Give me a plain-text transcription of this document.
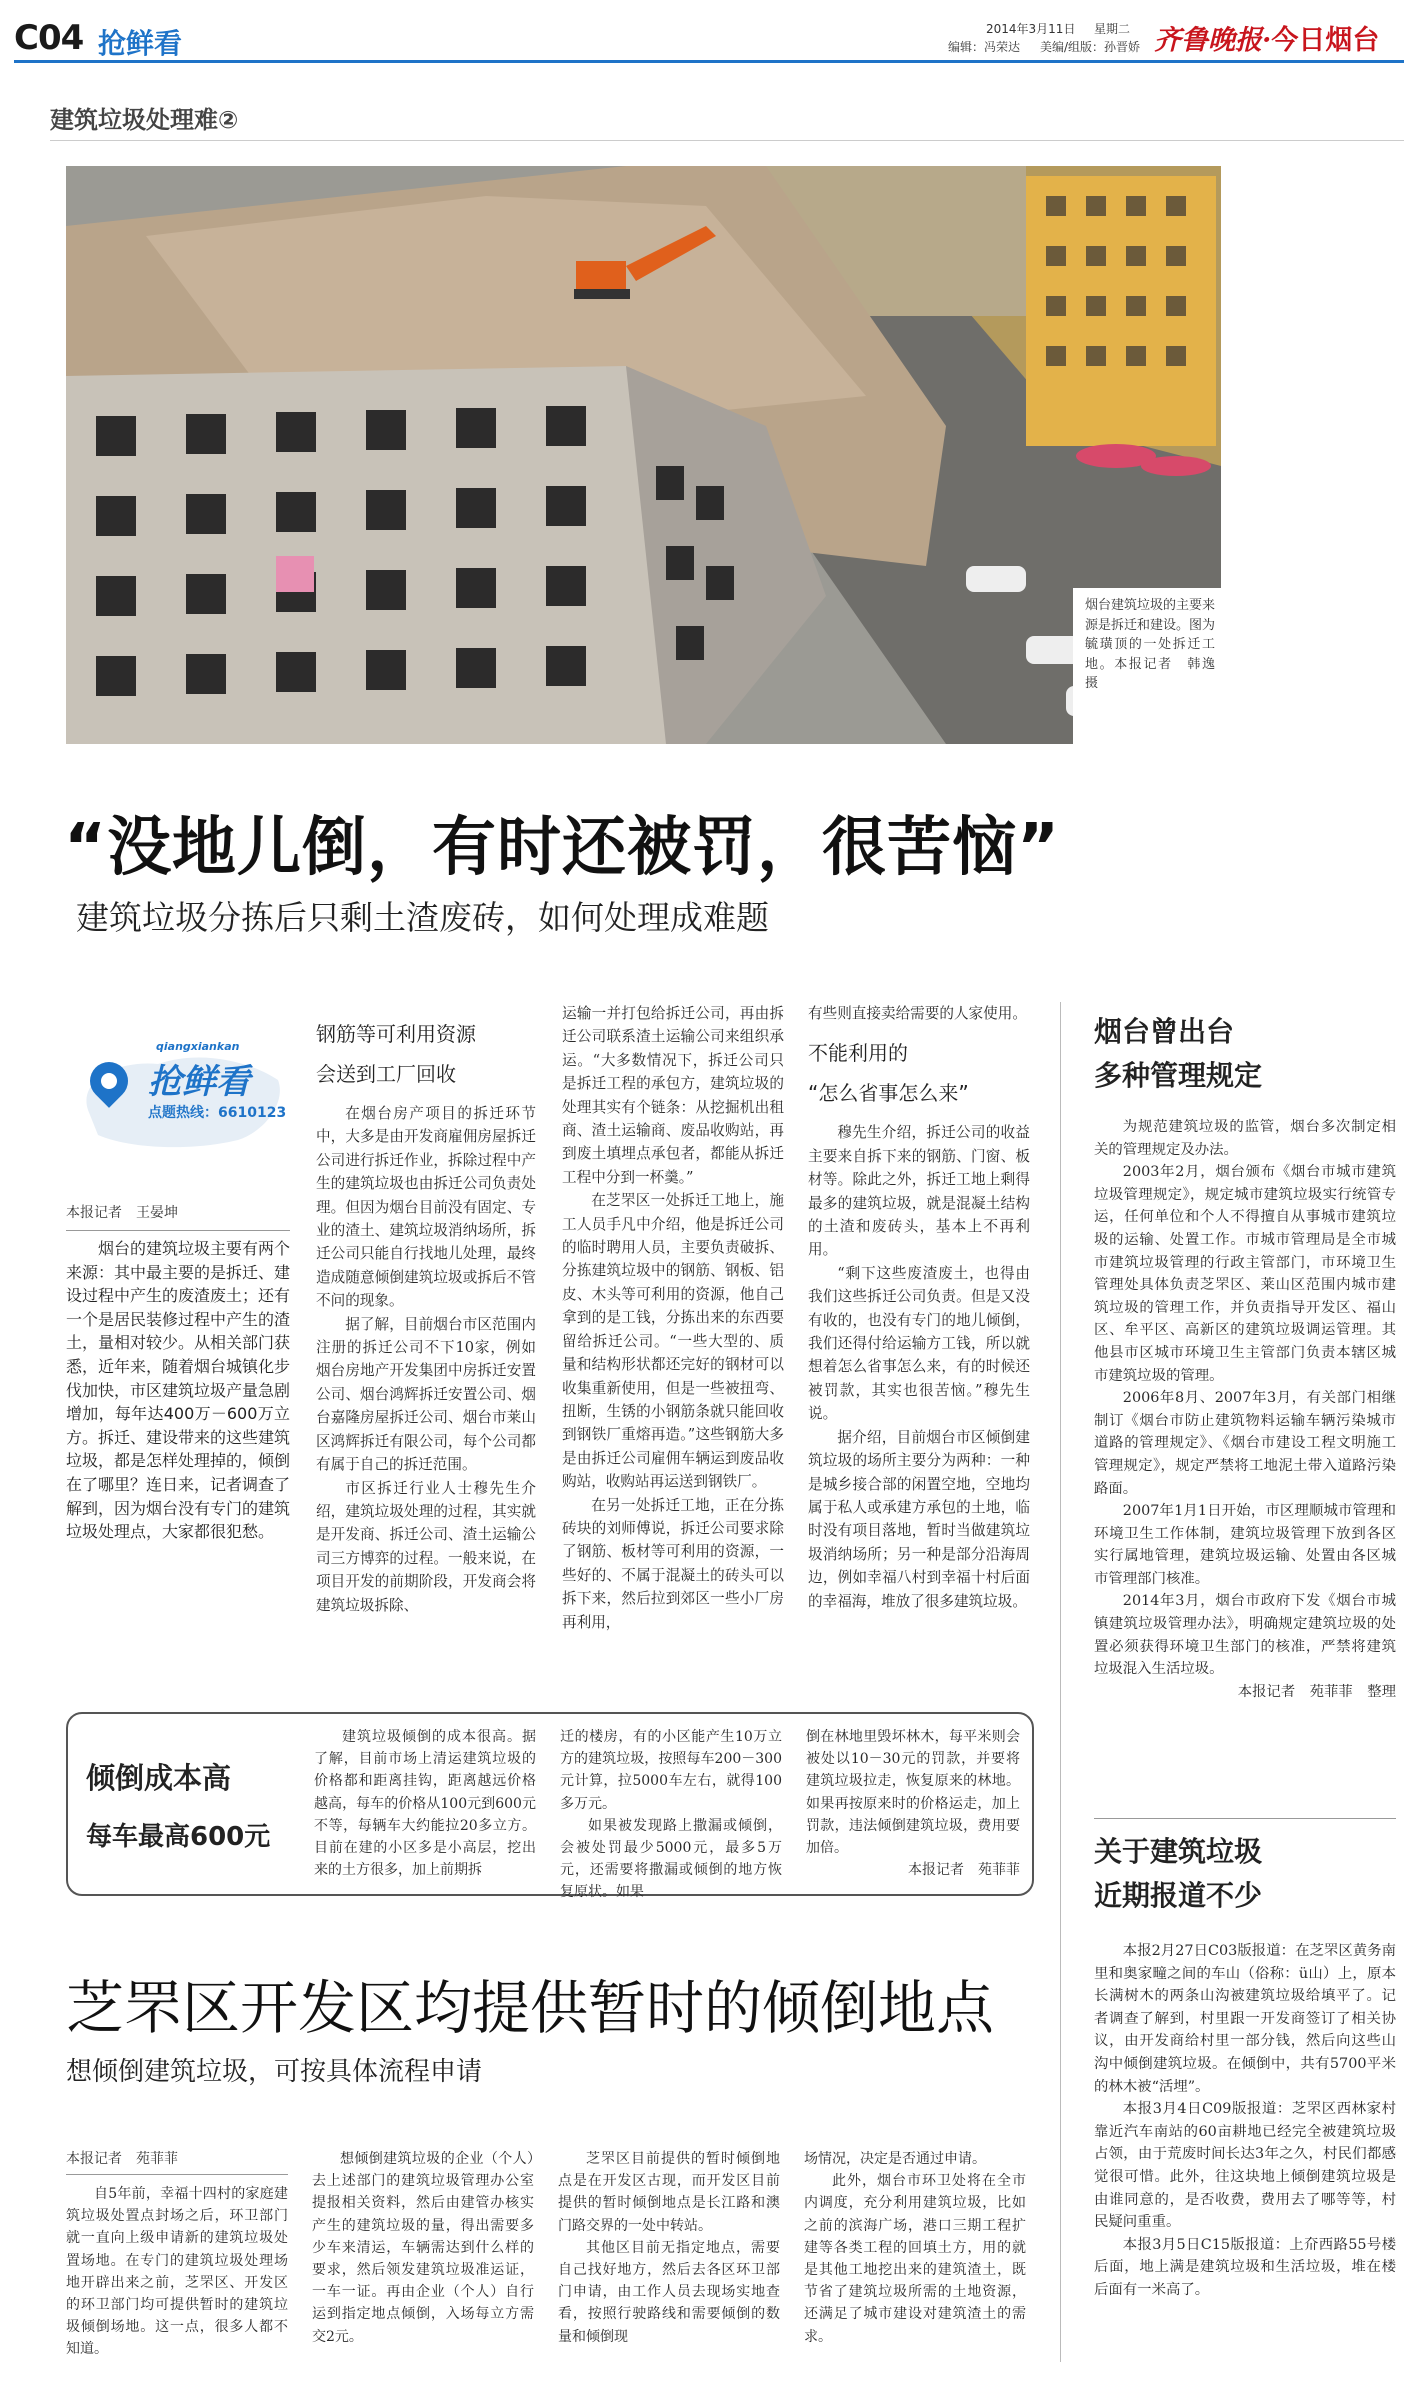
C04 抢鲜看	2014年3月11日 星期二
编辑：冯荣达 美编/组版：孙晋娇 齐鲁晚报·今日烟台
建筑垃圾处理难②
烟台建筑垃圾的主要来源是拆迁和建设。图为毓璜顶的一处拆迁工地。本报记者　韩逸　摄
“没地儿倒，有时还被罚，很苦恼”
建筑垃圾分拣后只剩土渣废砖，如何处理成难题
qiangxiankan
抢鲜看
点题热线：6610123

本报记者　王晏坤

烟台的建筑垃圾主要有两个来源：其中最主要的是拆迁、建设过程中产生的废渣废土；还有一个是居民装修过程中产生的渣土，量相对较少。从相关部门获悉，近年来，随着烟台城镇化步伐加快，市区建筑垃圾产量急剧增加，每年达400万－600万立方。拆迁、建设带来的这些建筑垃圾，都是怎样处理掉的，倾倒在了哪里？连日来，记者调查了解到，因为烟台没有专门的建筑垃圾处理点，大家都很犯愁。

钢筋等可利用资源

会送到工厂回收

在烟台房产项目的拆迁环节中，大多是由开发商雇佣房屋拆迁公司进行拆迁作业，拆除过程中产生的建筑垃圾也由拆迁公司负责处理。但因为烟台目前没有固定、专业的渣土、建筑垃圾消纳场所，拆迁公司只能自行找地儿处理，最终造成随意倾倒建筑垃圾或拆后不管不问的现象。

据了解，目前烟台市区范围内注册的拆迁公司不下10家，例如烟台房地产开发集团中房拆迁安置公司、烟台鸿辉拆迁安置公司、烟台嘉隆房屋拆迁公司、烟台市莱山区鸿辉拆迁有限公司，每个公司都有属于自己的拆迁范围。

市区拆迁行业人士穆先生介绍，建筑垃圾处理的过程，其实就是开发商、拆迁公司、渣土运输公司三方博弈的过程。一般来说，在项目开发的前期阶段，开发商会将建筑垃圾拆除、

运输一并打包给拆迁公司，再由拆迁公司联系渣土运输公司来组织承运。“大多数情况下，拆迁公司只是拆迁工程的承包方，建筑垃圾的处理其实有个链条：从挖掘机出租商、渣土运输商、废品收购站，再到废土填埋点承包者，都能从拆迁工程中分到一杯羹。”

在芝罘区一处拆迁工地上，施工人员手凡中介绍，他是拆迁公司的临时聘用人员，主要负责破拆、分拣建筑垃圾中的钢筋、钢板、铝皮、木头等可利用的资源，他自己拿到的是工钱，分拣出来的东西要留给拆迁公司。“一些大型的、质量和结构形状都还完好的钢材可以收集重新使用，但是一些被扭弯、扭断，生锈的小钢筋条就只能回收到钢铁厂重熔再造。”这些钢筋大多是由拆迁公司雇佣车辆运到废品收购站，收购站再运送到钢铁厂。

在另一处拆迁工地，正在分拣砖块的刘师傅说，拆迁公司要求除了钢筋、板材等可利用的资源，一些好的、不属于混凝土的砖头可以拆下来，然后拉到郊区一些小厂房再利用，

有些则直接卖给需要的人家使用。

不能利用的

“怎么省事怎么来”

穆先生介绍，拆迁公司的收益主要来自拆下来的钢筋、门窗、板材等。除此之外，拆迁工地上剩得最多的建筑垃圾，就是混凝土结构的土渣和废砖头，基本上不再利用。

“剩下这些废渣废土，也得由我们这些拆迁公司负责。但是又没有收的，也没有专门的地儿倾倒，我们还得付给运输方工钱，所以就想着怎么省事怎么来，有的时候还被罚款，其实也很苦恼。”穆先生说。

据介绍，目前烟台市区倾倒建筑垃圾的场所主要分为两种：一种是城乡接合部的闲置空地，空地均属于私人或承建方承包的土地，临时没有项目落地，暂时当做建筑垃圾消纳场所；另一种是部分沿海周边，例如幸福八村到幸福十村后面的幸福海，堆放了很多建筑垃圾。

烟台曾出台
多种管理规定

为规范建筑垃圾的监管，烟台多次制定相关的管理规定及办法。

2003年2月，烟台颁布《烟台市城市建筑垃圾管理规定》，规定城市建筑垃圾实行统管专运，任何单位和个人不得擅自从事城市建筑垃圾的运输、处置工作。市城市管理局是全市城市建筑垃圾管理的行政主管部门，市环境卫生管理处具体负责芝罘区、莱山区范围内城市建筑垃圾的管理工作，并负责指导开发区、福山区、牟平区、高新区的建筑垃圾调运管理。其他县市区城市环境卫生主管部门负责本辖区城市建筑垃圾的管理。

2006年8月、2007年3月，有关部门相继制订《烟台市防止建筑物料运输车辆污染城市道路的管理规定》、《烟台市建设工程文明施工管理规定》，规定严禁将工地泥土带入道路污染路面。

2007年1月1日开始，市区理顺城市管理和环境卫生工作体制，建筑垃圾管理下放到各区实行属地管理，建筑垃圾运输、处置由各区城市管理部门核准。

2014年3月，烟台市政府下发《烟台市城镇建筑垃圾管理办法》，明确规定建筑垃圾的处置必须获得环境卫生部门的核准，严禁将建筑垃圾混入生活垃圾。

本报记者　苑菲菲　整理

倾倒成本高
每车最高600元

建筑垃圾倾倒的成本很高。据了解，目前市场上清运建筑垃圾的价格都和距离挂钩，距离越远价格越高，每车的价格从100元到600元不等，每辆车大约能拉20多立方。目前在建的小区多是小高层，挖出来的土方很多，加上前期拆

迁的楼房，有的小区能产生10万立方的建筑垃圾，按照每车200－300元计算，拉5000车左右，就得100多万元。

如果被发现路上撒漏或倾倒，会被处罚最少5000元，最多5万元，还需要将撒漏或倾倒的地方恢复原状。如果

倒在林地里毁坏林木，每平米则会被处以10－30元的罚款，并要将建筑垃圾拉走，恢复原来的林地。如果再按原来时的价格运走，加上罚款，违法倾倒建筑垃圾，费用要加倍。

本报记者　苑菲菲

关于建筑垃圾
近期报道不少

本报2月27日C03版报道：在芝罘区黄务南里和奥家疃之间的车山（俗称：ü山）上，原本长满树木的两条山沟被建筑垃圾给填平了。记者调查了解到，村里跟一开发商签订了相关协议，由开发商给村里一部分钱，然后向这些山沟中倾倒建筑垃圾。在倾倒中，共有5700平米的林木被“活埋”。

本报3月4日C09版报道：芝罘区西林家村靠近汽车南站的60亩耕地已经完全被建筑垃圾占领，由于荒废时间长达3年之久，村民们都感觉很可惜。此外，往这块地上倾倒建筑垃圾是由谁同意的，是否收费，费用去了哪等等，村民疑问重重。

本报3月5日C15版报道：上夼西路55号楼后面，地上满是建筑垃圾和生活垃圾，堆在楼后面有一米高了。

芝罘区开发区均提供暂时的倾倒地点
想倾倒建筑垃圾，可按具体流程申请

本报记者　苑菲菲

自5年前，幸福十四村的家庭建筑垃圾处置点封场之后，环卫部门就一直向上级申请新的建筑垃圾处置场地。在专门的建筑垃圾处理场地开辟出来之前，芝罘区、开发区的环卫部门均可提供暂时的建筑垃圾倾倒场地。这一点，很多人都不知道。

想倾倒建筑垃圾的企业（个人）去上述部门的建筑垃圾管理办公室提报相关资料，然后由建管办核实产生的建筑垃圾的量，得出需要多少车来清运，车辆需达到什么样的要求，然后领发建筑垃圾准运证，一车一证。再由企业（个人）自行运到指定地点倾倒，入场每立方需交2元。

芝罘区目前提供的暂时倾倒地点是在开发区古现，而开发区目前提供的暂时倾倒地点是长江路和澳门路交界的一处中转站。

其他区目前无指定地点，需要自己找好地方，然后去各区环卫部门申请，由工作人员去现场实地查看，按照行驶路线和需要倾倒的数量和倾倒现

场情况，决定是否通过申请。

此外，烟台市环卫处将在全市内调度，充分利用建筑垃圾，比如之前的滨海广场，港口三期工程扩建等各类工程的回填土方，用的就是其他工地挖出来的建筑渣土，既节省了建筑垃圾所需的土地资源，还满足了城市建设对建筑渣土的需求。
